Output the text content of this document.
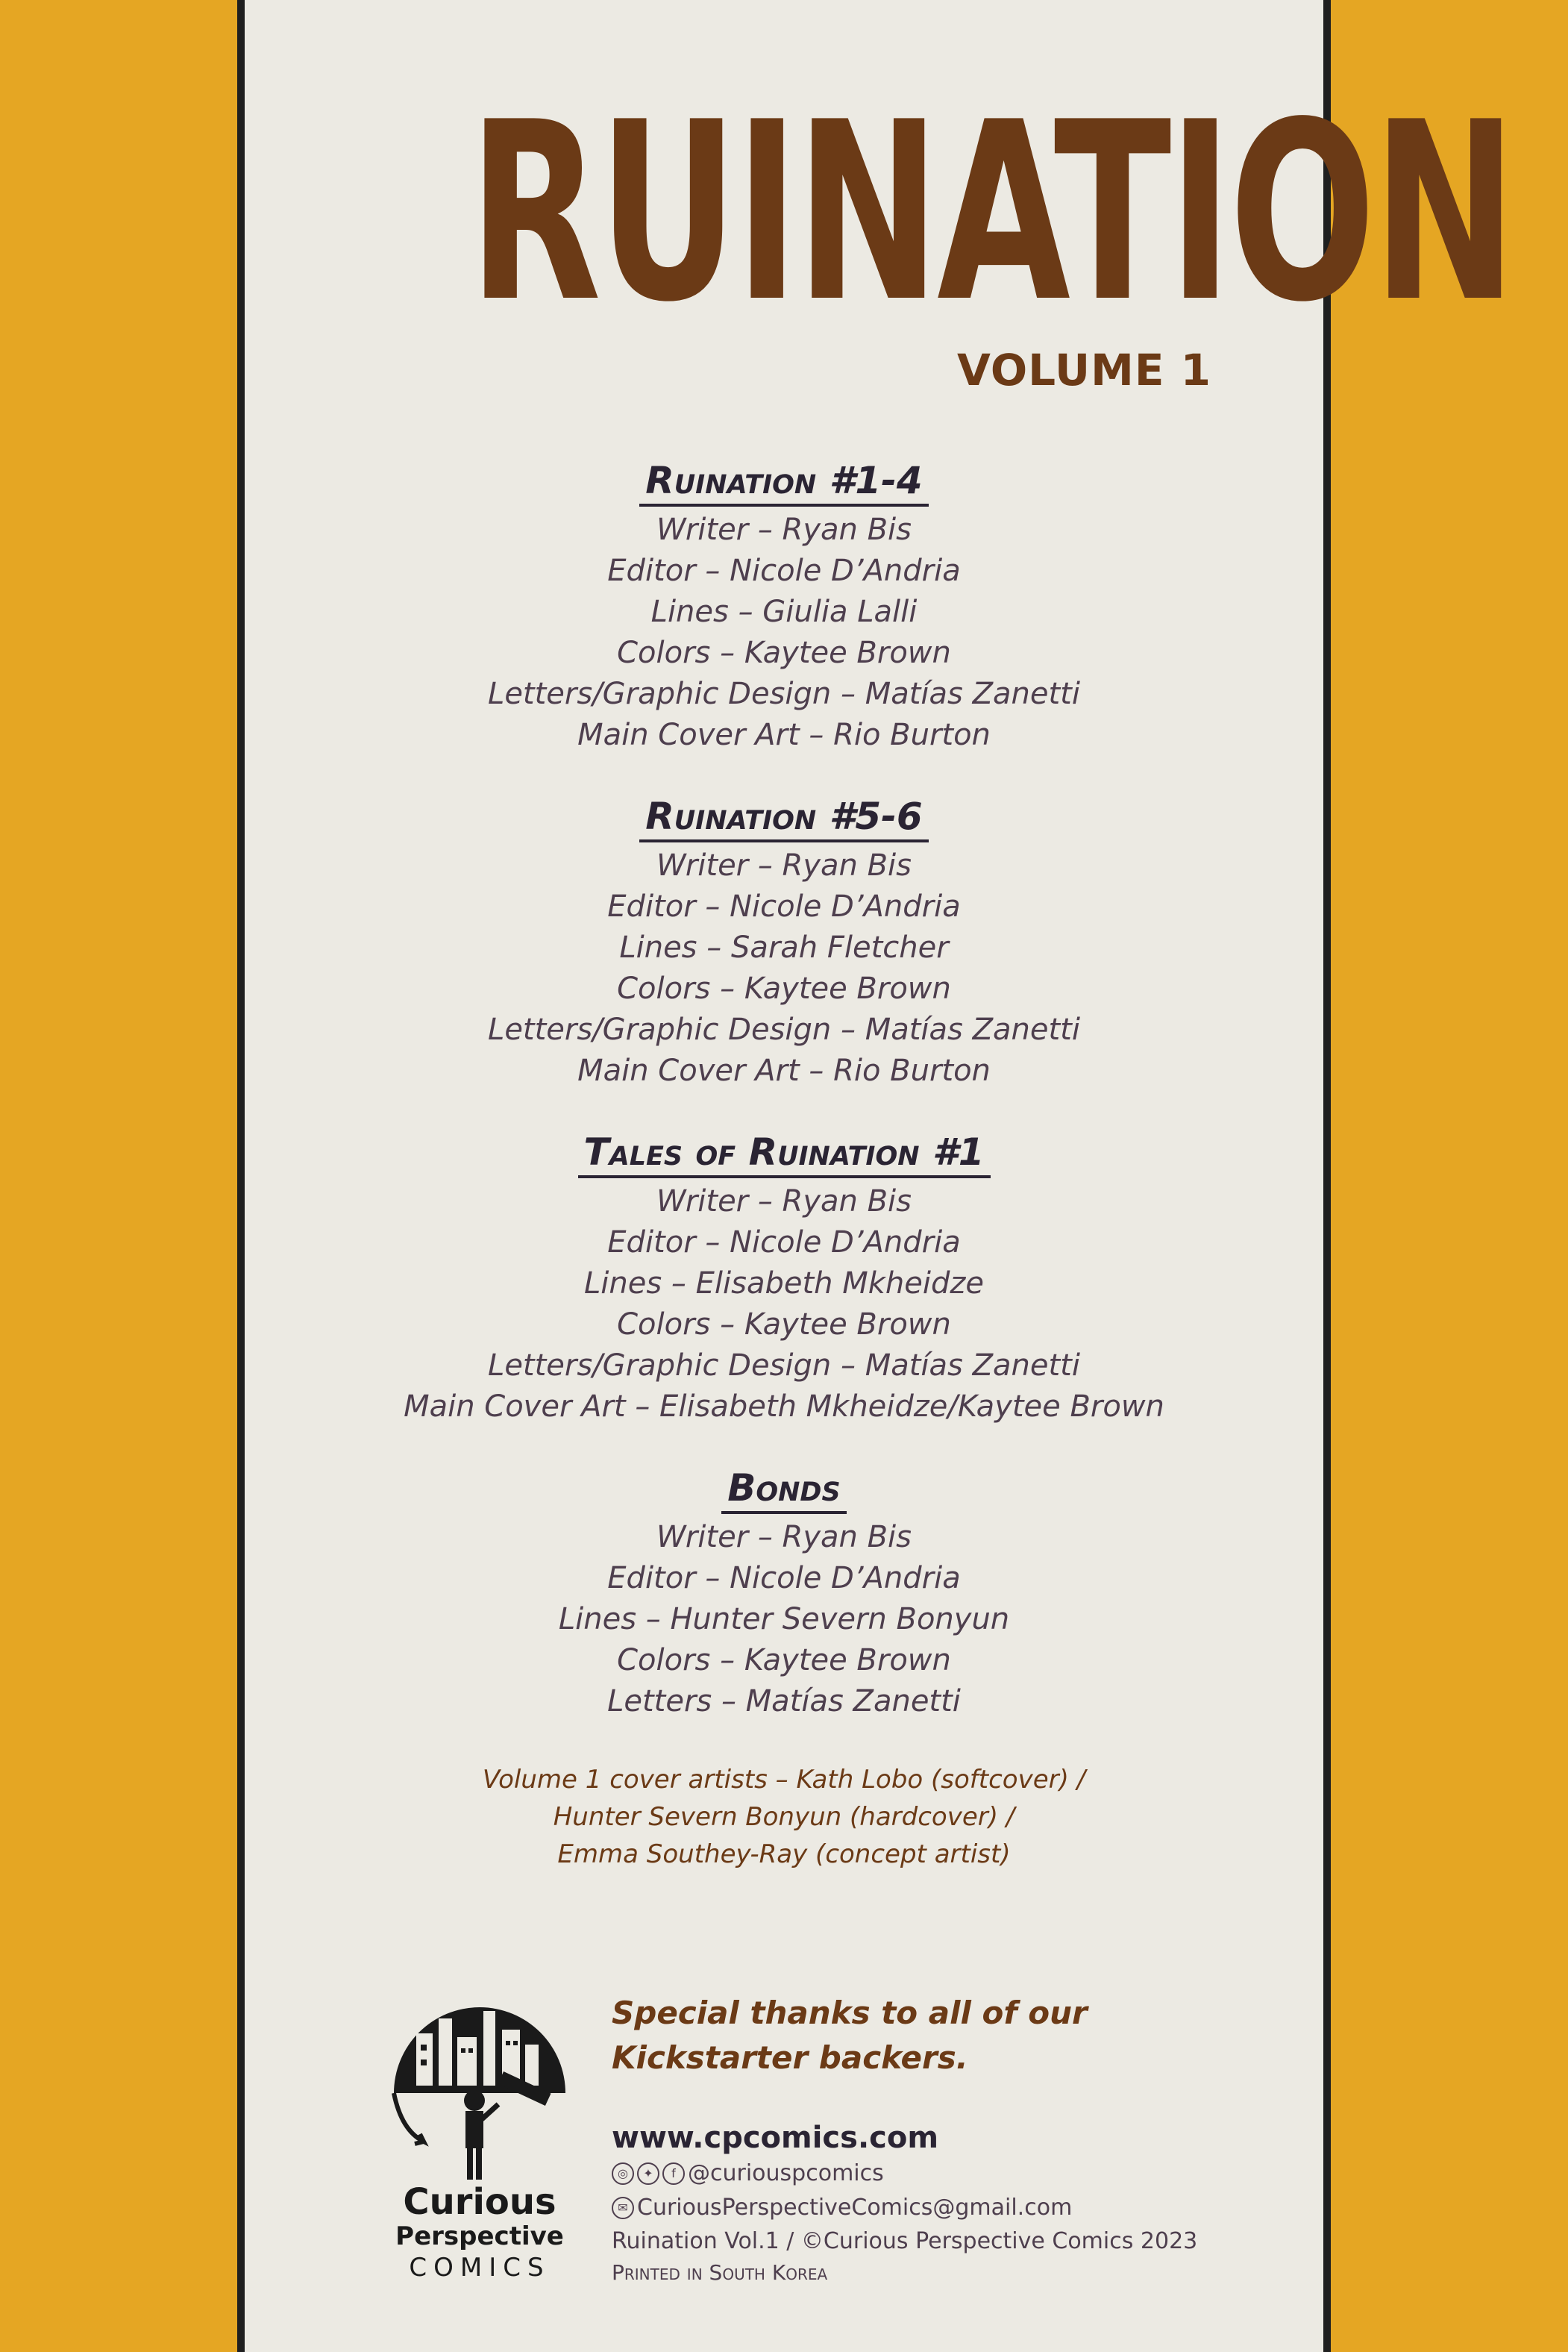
RUINATION
VOLUME 1
Ruination #1-4
Writer – Ryan Bis
Editor – Nicole D’Andria
Lines – Giulia Lalli
Colors – Kaytee Brown
Letters/Graphic Design – Matías Zanetti
Main Cover Art – Rio Burton
Ruination #5-6
Writer – Ryan Bis
Editor – Nicole D’Andria
Lines – Sarah Fletcher
Colors – Kaytee Brown
Letters/Graphic Design – Matías Zanetti
Main Cover Art – Rio Burton
Tales of Ruination #1
Writer – Ryan Bis
Editor – Nicole D’Andria
Lines – Elisabeth Mkheidze
Colors – Kaytee Brown
Letters/Graphic Design – Matías Zanetti
Main Cover Art – Elisabeth Mkheidze/Kaytee Brown
Bonds
Writer – Ryan Bis
Editor – Nicole D’Andria
Lines – Hunter Severn Bonyun
Colors – Kaytee Brown
Letters – Matías Zanetti
Volume 1 cover artists – Kath Lobo (softcover) /
Hunter Severn Bonyun (hardcover) /
Emma Southey-Ray (concept artist)
Curious
Perspective
COMICS
Special thanks to all of our
Kickstarter backers.
www.cpcomics.com
◎	✦	f @curiouspcomics
✉ CuriousPerspectiveComics@gmail.com
Ruination Vol.1 / ©Curious Perspective Comics 2023
Printed in South Korea
